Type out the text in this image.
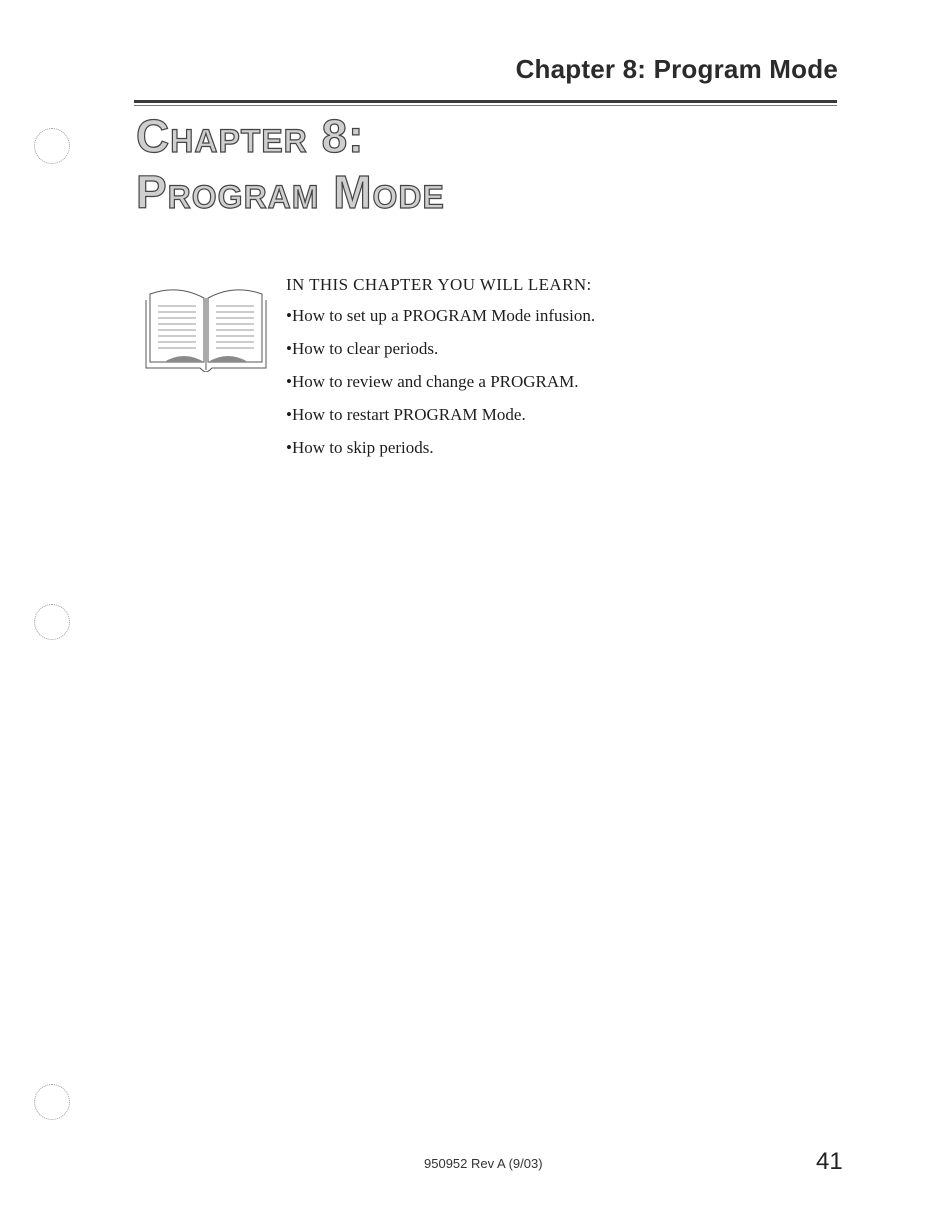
Chapter 8: Program Mode
Chapter 8:
Program Mode
IN THIS CHAPTER YOU WILL LEARN:
•How to set up a PROGRAM Mode infusion.
•How to clear periods.
•How to review and change a PROGRAM.
•How to restart PROGRAM Mode.
•How to skip periods.
950952 Rev A (9/03)	41
